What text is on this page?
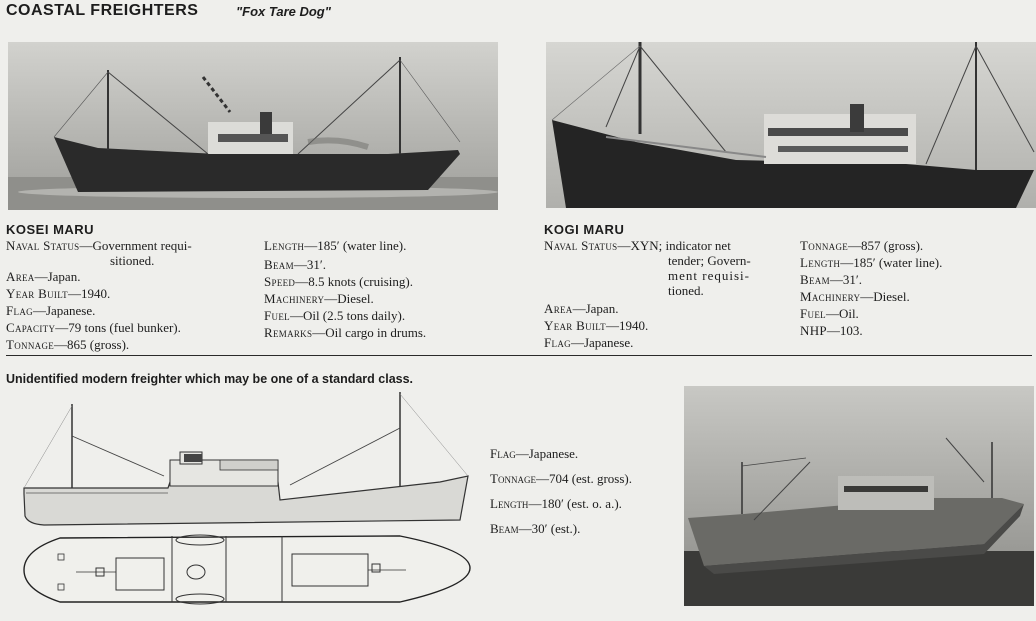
COASTAL FREIGHTERS	"Fox Tare Dog"
KOSEI MARU
Naval Status—Government requi-
sitioned.
Area—Japan.
Year Built—1940.
Flag—Japanese.
Capacity—79 tons (fuel bunker).
Tonnage—865 (gross).
Length—185′ (water line).
Beam—31′.
Speed—8.5 knots (cruising).
Machinery—Diesel.
Fuel—Oil (2.5 tons daily).
Remarks—Oil cargo in drums.
KOGI MARU
Naval Status—XYN; indicator net
tender; Govern-
ment requisi-
tioned.
Area—Japan.
Year Built—1940.
Flag—Japanese.
Tonnage—857 (gross).
Length—185′ (water line).
Beam—31′.
Machinery—Diesel.
Fuel—Oil.
NHP—103.
Unidentified modern freighter which may be one of a standard class.
Flag—Japanese.
Tonnage—704 (est. gross).
Length—180′ (est. o. a.).
Beam—30′ (est.).
